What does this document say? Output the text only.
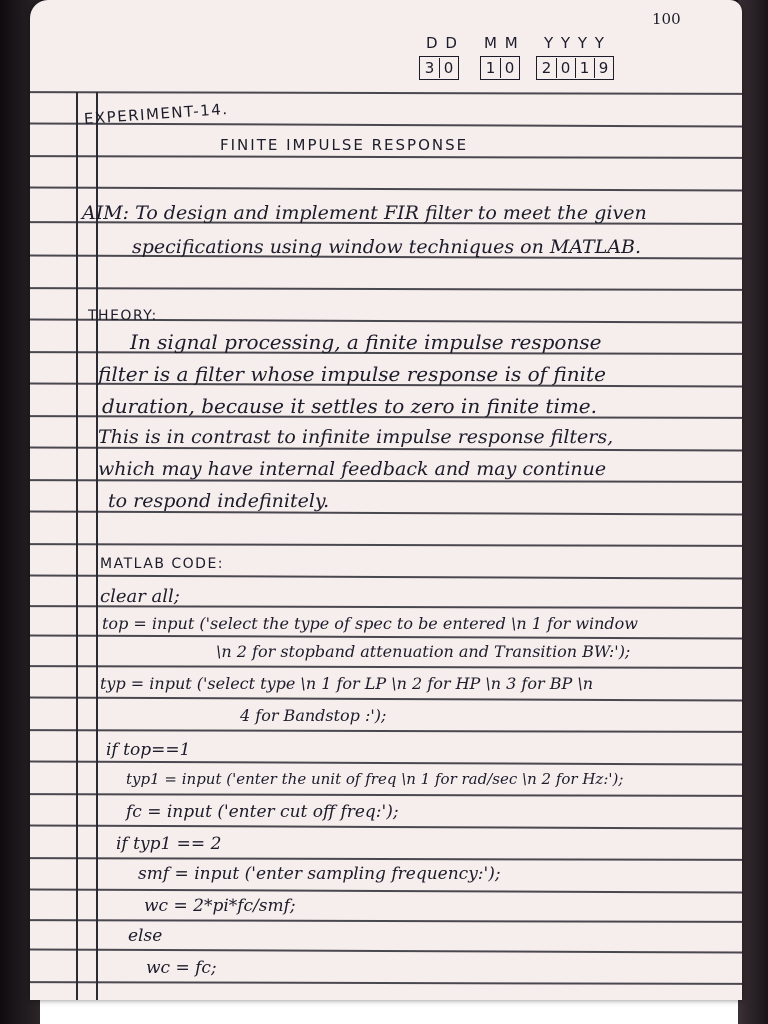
100
D D M M Y Y Y Y
3 0 1 0 2 0 1 9
EXPERIMENT-14.
FINITE IMPULSE RESPONSE
AIM: To design and implement FIR filter to meet the given
specifications using window techniques on MATLAB.
THEORY:
In signal processing, a finite impulse response
filter is a filter whose impulse response is of finite
duration, because it settles to zero in finite time.
This is in contrast to infinite impulse response filters,
which may have internal feedback and may continue
to respond indefinitely.
MATLAB CODE:
clear all;
top = input ('select the type of spec to be entered \n 1 for window
\n 2 for stopband attenuation and Transition BW:');
typ = input ('select type \n 1 for LP \n 2 for HP \n 3 for BP \n
4 for Bandstop :');
if top==1
typ1 = input ('enter the unit of freq \n 1 for rad/sec \n 2 for Hz:');
fc = input ('enter cut off freq:');
if typ1 == 2
smf = input ('enter sampling frequency:');
wc = 2*pi*fc/smf;
else
wc = fc;
